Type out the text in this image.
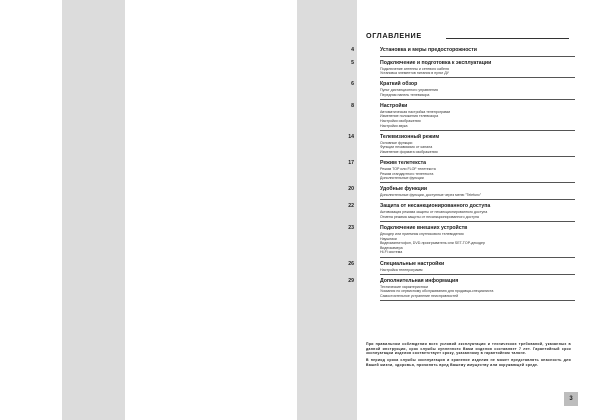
ОГЛАВЛЕНИЕ
4	Установка и меры предосторожности
5	Подключение и подготовка к эксплуатации
Подключение антенны и сетевого кабеля
Установка элементов питания в пульт ДУ
6	Краткий обзор
Пульт дистанционного управления
Передняя панель телевизора
8	Настройки
Автоматическая настройка телепрограмм
Изменение положения телевизора
Настройки изображения
Настройки звука
14	Телевизионный режим
Основные функции
Функции независимо от канала
Изменение формата изображения
17	Режим телетекста
Режим TOP или FLOF телетекста
Режим стандартного телетекста
Дополнительные функции
20	Удобные функции
Дополнительные функции, доступные через меню "Telefunc"
22	Защита от несанкционированного доступа
Активизация режима защиты от несанкционированного доступа
Отмена режима защиты от несанкционированного доступа
23	Подключение внешних устройств
Декодер или приемник спутникового телевидения
Наушники
Видеомагнитофон, DVD-проигрыватель или SET-TOP-декодер
Видеокамера
Hi-Fi система
26	Специальные настройки
Настройка телепрограмм
29	Дополнительная информация
Технические характеристики
Указания по сервисному обслуживанию для продавца-специалиста
Самостоятельное устранение неисправностей

При правильном соблюдении всех условий эксплуатации и технических требований, указанных в данной инструкции, срок службы купленного Вами изделия составляет 7 лет. Гарантийный срок эксплуатации изделия соответствует сроку, указанному в гарантийном талоне.

В период срока службы эксплуатация и хранение изделия не может представлять опасность для Вашей жизни, здоровья, причинять вред Вашему имуществу или окружающей среде.

3
